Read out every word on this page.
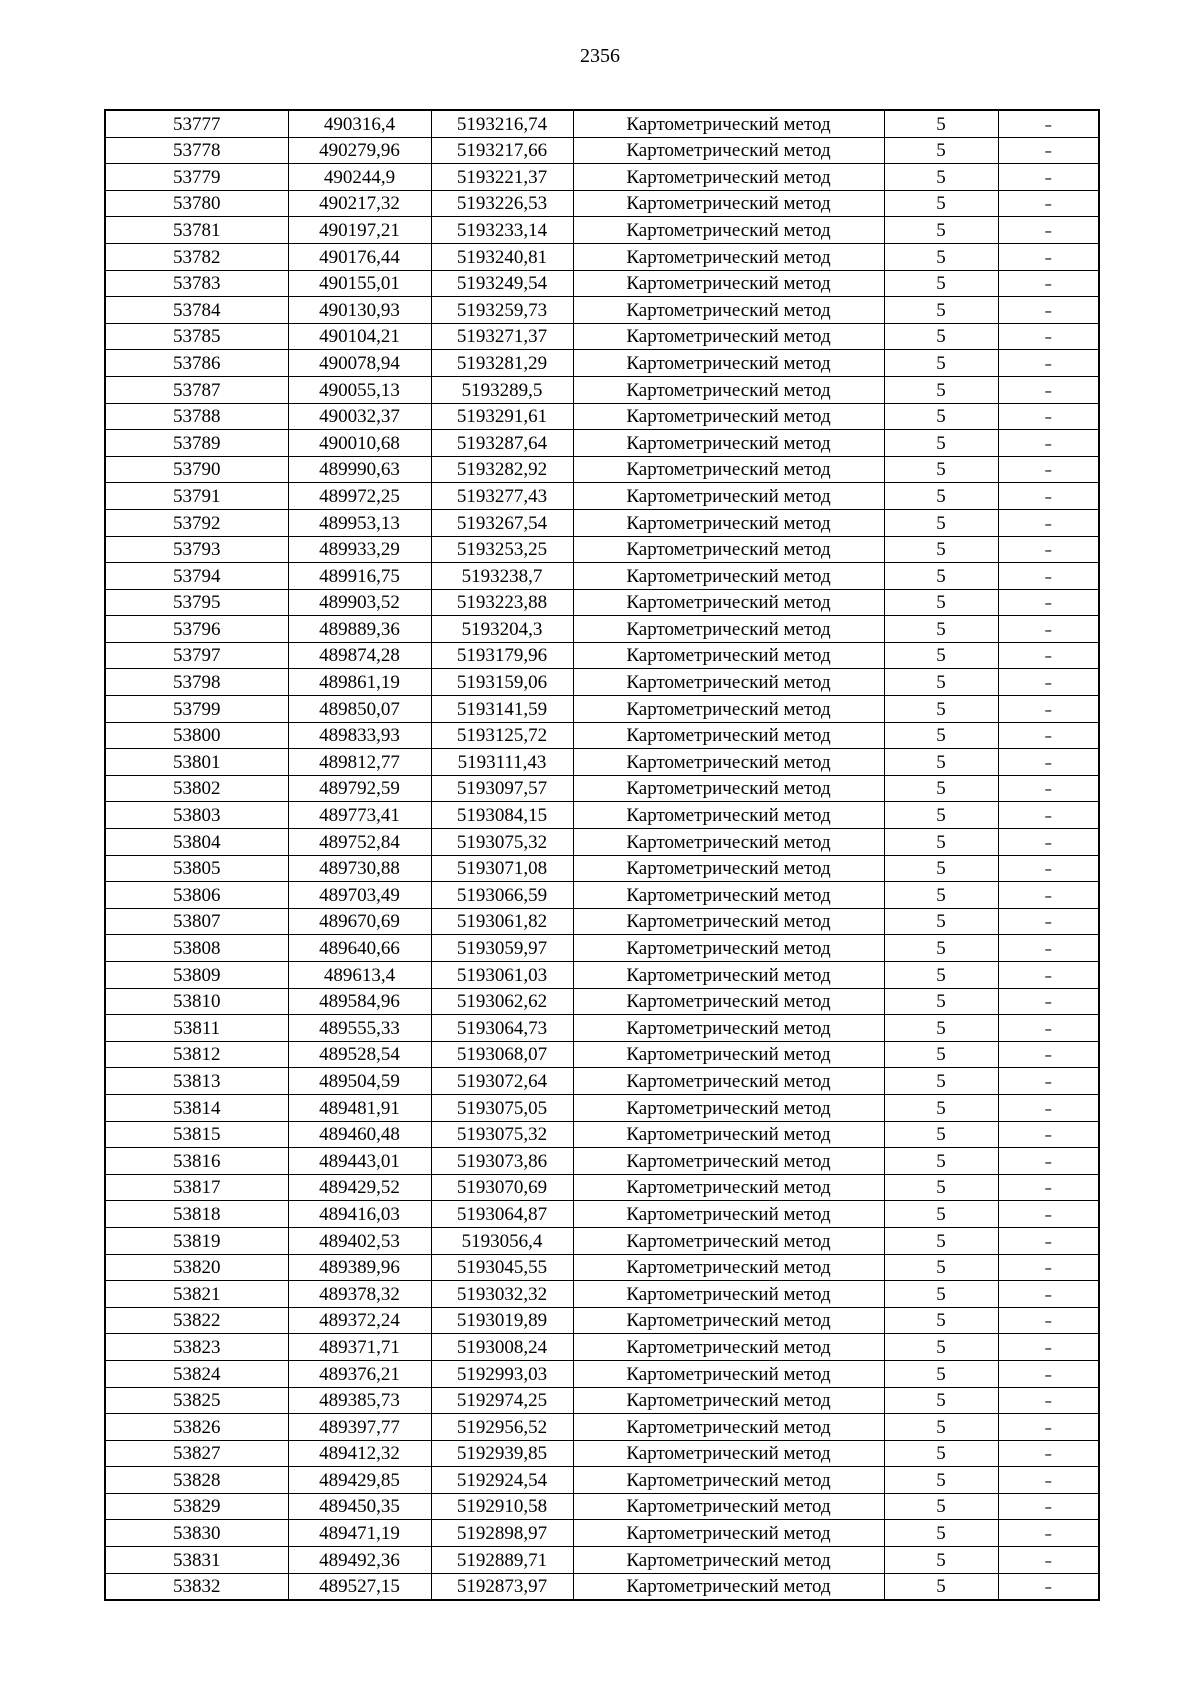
2356
53777	490316,4	5193216,74	Картометрический метод	5	–
53778	490279,96	5193217,66	Картометрический метод	5	–
53779	490244,9	5193221,37	Картометрический метод	5	–
53780	490217,32	5193226,53	Картометрический метод	5	–
53781	490197,21	5193233,14	Картометрический метод	5	–
53782	490176,44	5193240,81	Картометрический метод	5	–
53783	490155,01	5193249,54	Картометрический метод	5	–
53784	490130,93	5193259,73	Картометрический метод	5	–
53785	490104,21	5193271,37	Картометрический метод	5	–
53786	490078,94	5193281,29	Картометрический метод	5	–
53787	490055,13	5193289,5	Картометрический метод	5	–
53788	490032,37	5193291,61	Картометрический метод	5	–
53789	490010,68	5193287,64	Картометрический метод	5	–
53790	489990,63	5193282,92	Картометрический метод	5	–
53791	489972,25	5193277,43	Картометрический метод	5	–
53792	489953,13	5193267,54	Картометрический метод	5	–
53793	489933,29	5193253,25	Картометрический метод	5	–
53794	489916,75	5193238,7	Картометрический метод	5	–
53795	489903,52	5193223,88	Картометрический метод	5	–
53796	489889,36	5193204,3	Картометрический метод	5	–
53797	489874,28	5193179,96	Картометрический метод	5	–
53798	489861,19	5193159,06	Картометрический метод	5	–
53799	489850,07	5193141,59	Картометрический метод	5	–
53800	489833,93	5193125,72	Картометрический метод	5	–
53801	489812,77	5193111,43	Картометрический метод	5	–
53802	489792,59	5193097,57	Картометрический метод	5	–
53803	489773,41	5193084,15	Картометрический метод	5	–
53804	489752,84	5193075,32	Картометрический метод	5	–
53805	489730,88	5193071,08	Картометрический метод	5	–
53806	489703,49	5193066,59	Картометрический метод	5	–
53807	489670,69	5193061,82	Картометрический метод	5	–
53808	489640,66	5193059,97	Картометрический метод	5	–
53809	489613,4	5193061,03	Картометрический метод	5	–
53810	489584,96	5193062,62	Картометрический метод	5	–
53811	489555,33	5193064,73	Картометрический метод	5	–
53812	489528,54	5193068,07	Картометрический метод	5	–
53813	489504,59	5193072,64	Картометрический метод	5	–
53814	489481,91	5193075,05	Картометрический метод	5	–
53815	489460,48	5193075,32	Картометрический метод	5	–
53816	489443,01	5193073,86	Картометрический метод	5	–
53817	489429,52	5193070,69	Картометрический метод	5	–
53818	489416,03	5193064,87	Картометрический метод	5	–
53819	489402,53	5193056,4	Картометрический метод	5	–
53820	489389,96	5193045,55	Картометрический метод	5	–
53821	489378,32	5193032,32	Картометрический метод	5	–
53822	489372,24	5193019,89	Картометрический метод	5	–
53823	489371,71	5193008,24	Картометрический метод	5	–
53824	489376,21	5192993,03	Картометрический метод	5	–
53825	489385,73	5192974,25	Картометрический метод	5	–
53826	489397,77	5192956,52	Картометрический метод	5	–
53827	489412,32	5192939,85	Картометрический метод	5	–
53828	489429,85	5192924,54	Картометрический метод	5	–
53829	489450,35	5192910,58	Картометрический метод	5	–
53830	489471,19	5192898,97	Картометрический метод	5	–
53831	489492,36	5192889,71	Картометрический метод	5	–
53832	489527,15	5192873,97	Картометрический метод	5	–
